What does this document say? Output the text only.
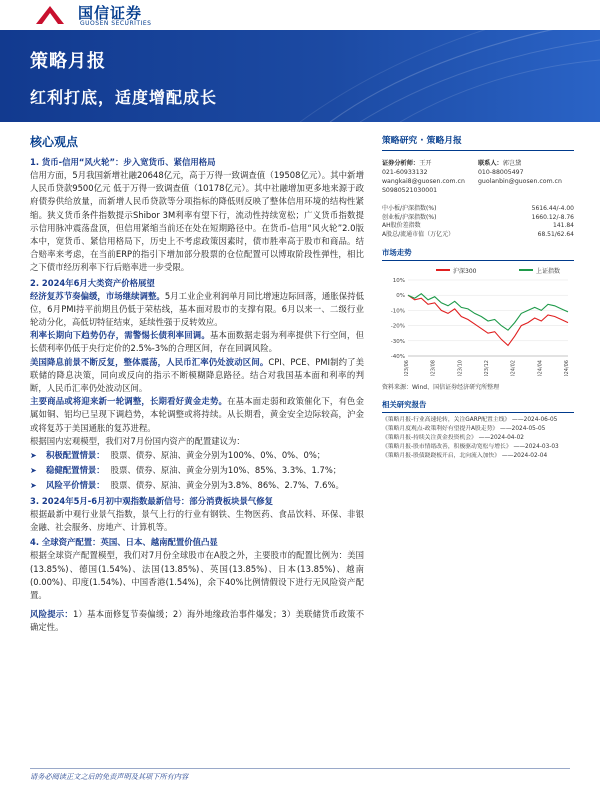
国信证券
GUOSEN SECURITIES
策略月报
红利打底，适度增配成长
核心观点
1. 货币-信用“风火轮”：步入宽货币、紧信用格局
信用方面，5月我国新增社融20648亿元，高于万得一致调查值（19508亿元）。其中新增人民币贷款9500亿元 低于万得一致调查值（10178亿元）。其中社融增加更多地来源于政府债券供给放量，而新增人民币贷款等分项指标的降低则反映了整体信用环境的结构性紧缩。狭义货币条件指数提示Shibor 3M利率有望下行，流动性持续宽松；广义货币指数提示信用脉冲震荡盘顶，但信用紧缩当前还在处在短期路径中。在货币-信用“风火轮”2.0版本中，宽货币、紧信用格局下，历史上不考虑政策因素时，债市胜率高于股市和商品。结合赔率来考虑，在当前ERP的指引下增加部分股票的仓位配置可以博取阶段性弹性，相比之下债市经历利率下行后赔率进一步受限。
2. 2024年6月大类资产价格展望
经济复苏节奏偏缓，市场继续调整。5月工业企业利润单月同比增速边际回落，通胀保持低位，6月PMI持平前期且仍低于荣枯线，基本面对股市的支撑有限。6月以来一、二级行业轮动分化，高低切特征结束，延续性强于反转效应。
利率长期向下趋势仍存，需警惕长债利率回调。基本面数据走弱为利率提供下行空间，但长债利率仍低于央行定价的2.5%-3%的合理区间，存在回调风险。
美国降息前景不断反复，整体震荡，人民币汇率仍处波动区间。CPI、PCE、PMI制约了美联储的降息决策，同向或反向的指示不断模糊降息路径。结合对我国基本面和利率的判断，人民币汇率仍处波动区间。
主要商品或将迎来新一轮调整，长期看好黄金走势。在基本面走弱和政策催化下，有色金属如铜、铝均已呈现下调趋势，本轮调整或将持续。从长期看，黄金安全边际较高，沪金或将复苏于美国通胀的复苏进程。
根据国内宏观模型，我们对7月份国内资产的配置建议为：
➤	积极配置情景： 股票、债券、原油、黄金分别为100%、0%、0%、0%；
➤	稳健配置情景： 股票、债券、原油、黄金分别为10%、85%、3.3%、1.7%；
➤	风险平价情景： 股票、债券、原油、黄金分别为3.8%、86%、2.7%、7.6%。
3. 2024年5月-6月初中观指数最新信号：部分消费板块景气修复
根据最新中观行业景气指数，景气上行的行业有钢铁、生物医药、食品饮料、环保、非银金融、社会服务、房地产、计算机等。
4. 全球资产配置：英国、日本、越南配置价值凸显
根据全球资产配置模型，我们对7月份全球股市在A股之外，主要股市的配置比例为：美国(13.85%)、德国(1.54%)、法国(13.85%)、英国(13.85%)、日本(13.85%)、越南(0.00%)、印度(1.54%)、中国香港(1.54%)，余下40%比例情假设下进行无风险资产配置。
风险提示：1）基本面修复节奏偏缓；2）海外地缘政治事件爆发；3）美联储货币政策不确定性。
策略研究 · 策略月报
证券分析师：王开
021-60933132
wangkai8@guosen.com.cn
S0980521030001
联系人：郭岂黛
010-88005497
guolanbin@guosen.com.cn
中小板/沪深指数(%)	5616.44/-4.00
创业板/沪深指数(%)	1660.12/-8.76
AH股价差指数	141.84
A股总/流通市值（万亿元）	68.51/62.64
市场走势
沪深300	上证指数
10%
0%
-10%
-20%
-30%
-40%
2023/06	2023/08	2023/10	2023/12	2024/02	2024/04	2024/06
资料来源：Wind、国信证券经济研究所整理
相关研究报告
《策略月报-行业高速轮转，关注GARP配置主线》 ——2024-06-05
《策略月度观点-政策利好有望提升A股走势》 ——2024-05-05
《策略月报-持续关注黄金投资机会》 ——2024-04-02
《策略月报-股市情绪改善，积极驱动宽松与增长》 ——2024-03-03
《策略月报-股债跷跷板开启，北向流入加快》 ——2024-02-04
请务必阅读正文之后的免责声明及其项下所有内容
